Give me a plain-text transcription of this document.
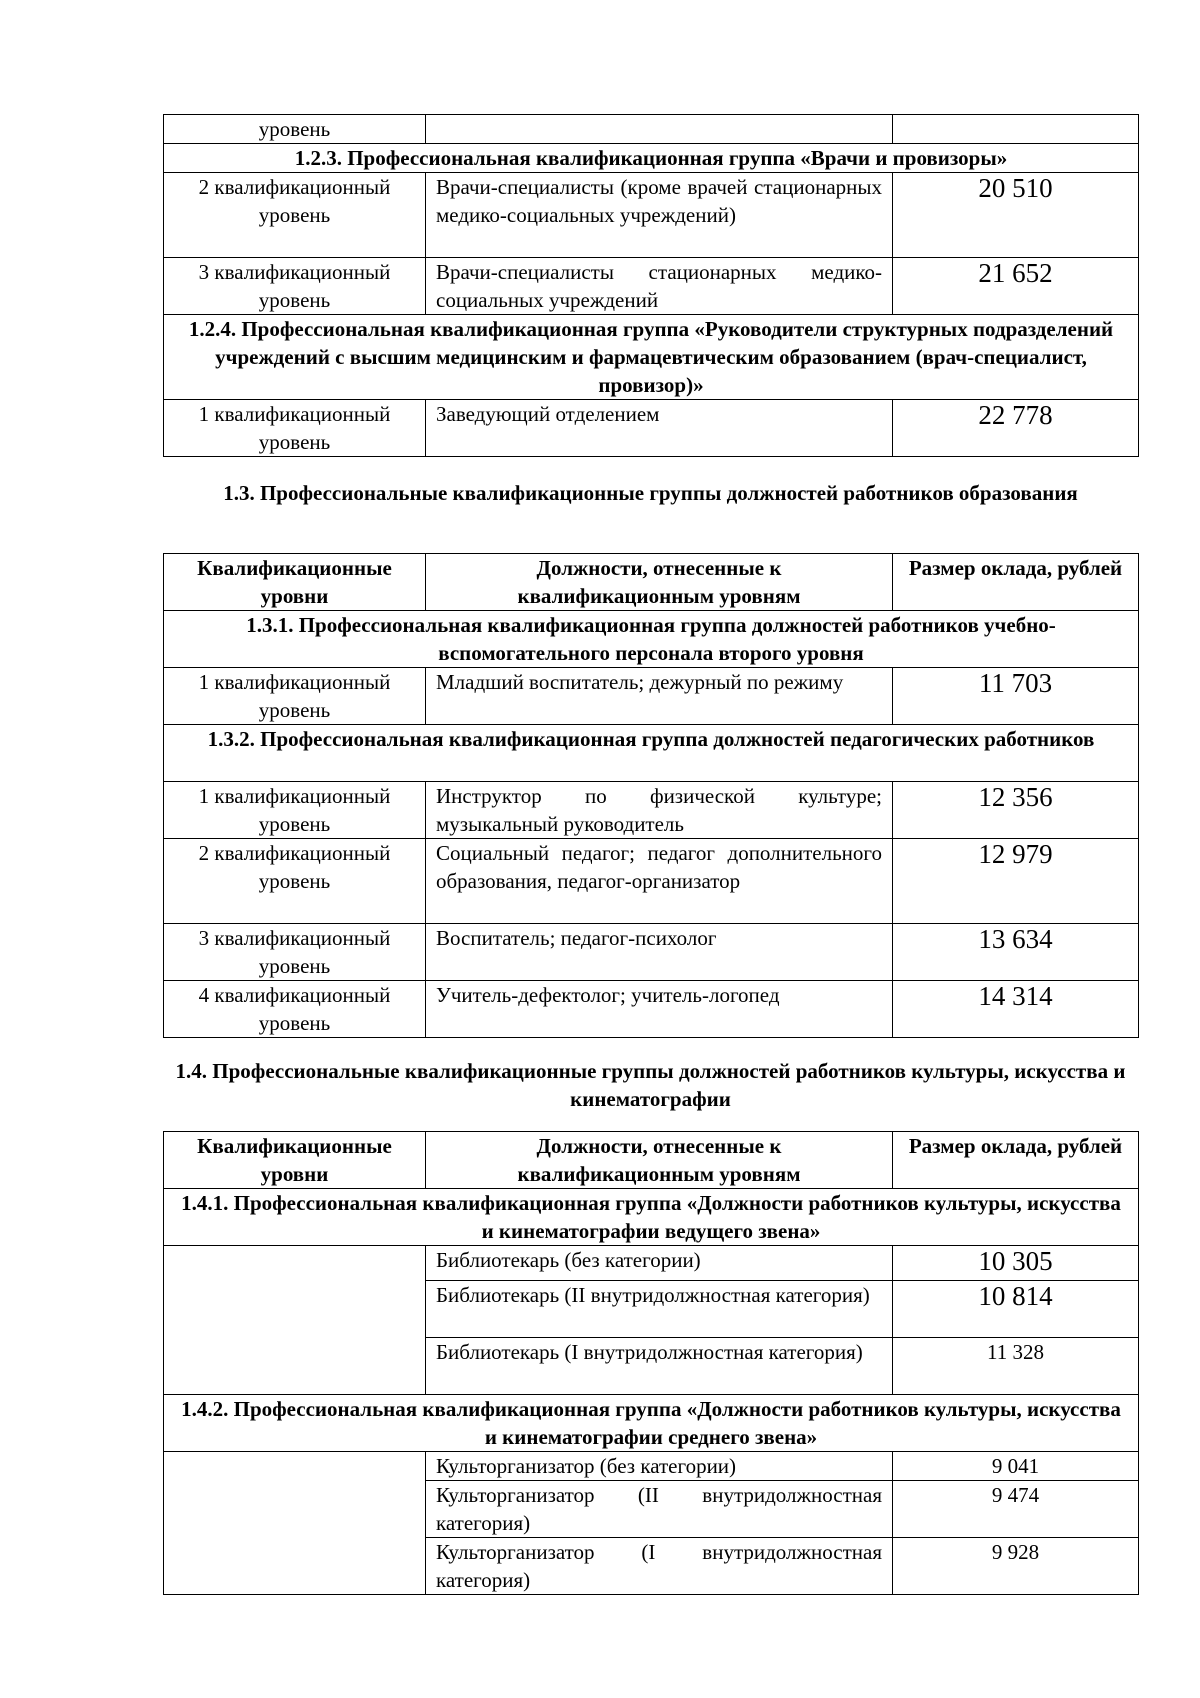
уровень		
1.2.3. Профессиональная квалификационная группа «Врачи и провизоры»		
2 квалификационный уровень	Врачи-специалисты (кроме врачей стационарных медико-социальных учреждений)	20 510
3 квалификационный уровень	Врачи-специалисты стационарных медико-социальных учреждений	21 652
1.2.4. Профессиональная квалификационная группа «Руководители структурных подразделений учреждений с высшим медицинским и фармацевтическим образованием (врач-специалист, провизор)»		
1 квалификационный уровень	Заведующий отделением	22 778
1.3. Профессиональные квалификационные группы должностей работников образования
Квалификационные уровни	Должности, отнесенные к квалификационным уровням	Размер оклада, рублей
1.3.1. Профессиональная квалификационная группа должностей работников учебно-вспомогательного персонала второго уровня		
1 квалификационный уровень	Младший воспитатель; дежурный по режиму	11 703
1.3.2. Профессиональная квалификационная группа должностей педагогических работников		
1 квалификационный уровень	Инструктор по физической культуре; музыкальный руководитель	12 356
2 квалификационный уровень	Социальный педагог; педагог дополнительного образования, педагог-организатор	12 979
3 квалификационный уровень	Воспитатель; педагог-психолог	13 634
4 квалификационный уровень	Учитель-дефектолог; учитель-логопед	14 314
1.4. Профессиональные квалификационные группы должностей работников культуры, искусства и кинематографии
Квалификационные уровни	Должности, отнесенные к квалификационным уровням	Размер оклада, рублей
1.4.1. Профессиональная квалификационная группа «Должности работников культуры, искусства и кинематографии ведущего звена»		
	Библиотекарь (без категории)	10 305
	Библиотекарь (II внутридолжностная категория)	10 814
	Библиотекарь (I внутридолжностная категория)	11 328
1.4.2. Профессиональная квалификационная группа «Должности работников культуры, искусства и кинематографии среднего звена»		
	Культорганизатор (без категории)	9 041
	Культорганизатор (II внутридолжностная категория)	9 474
	Культорганизатор (I внутридолжностная категория)	9 928
